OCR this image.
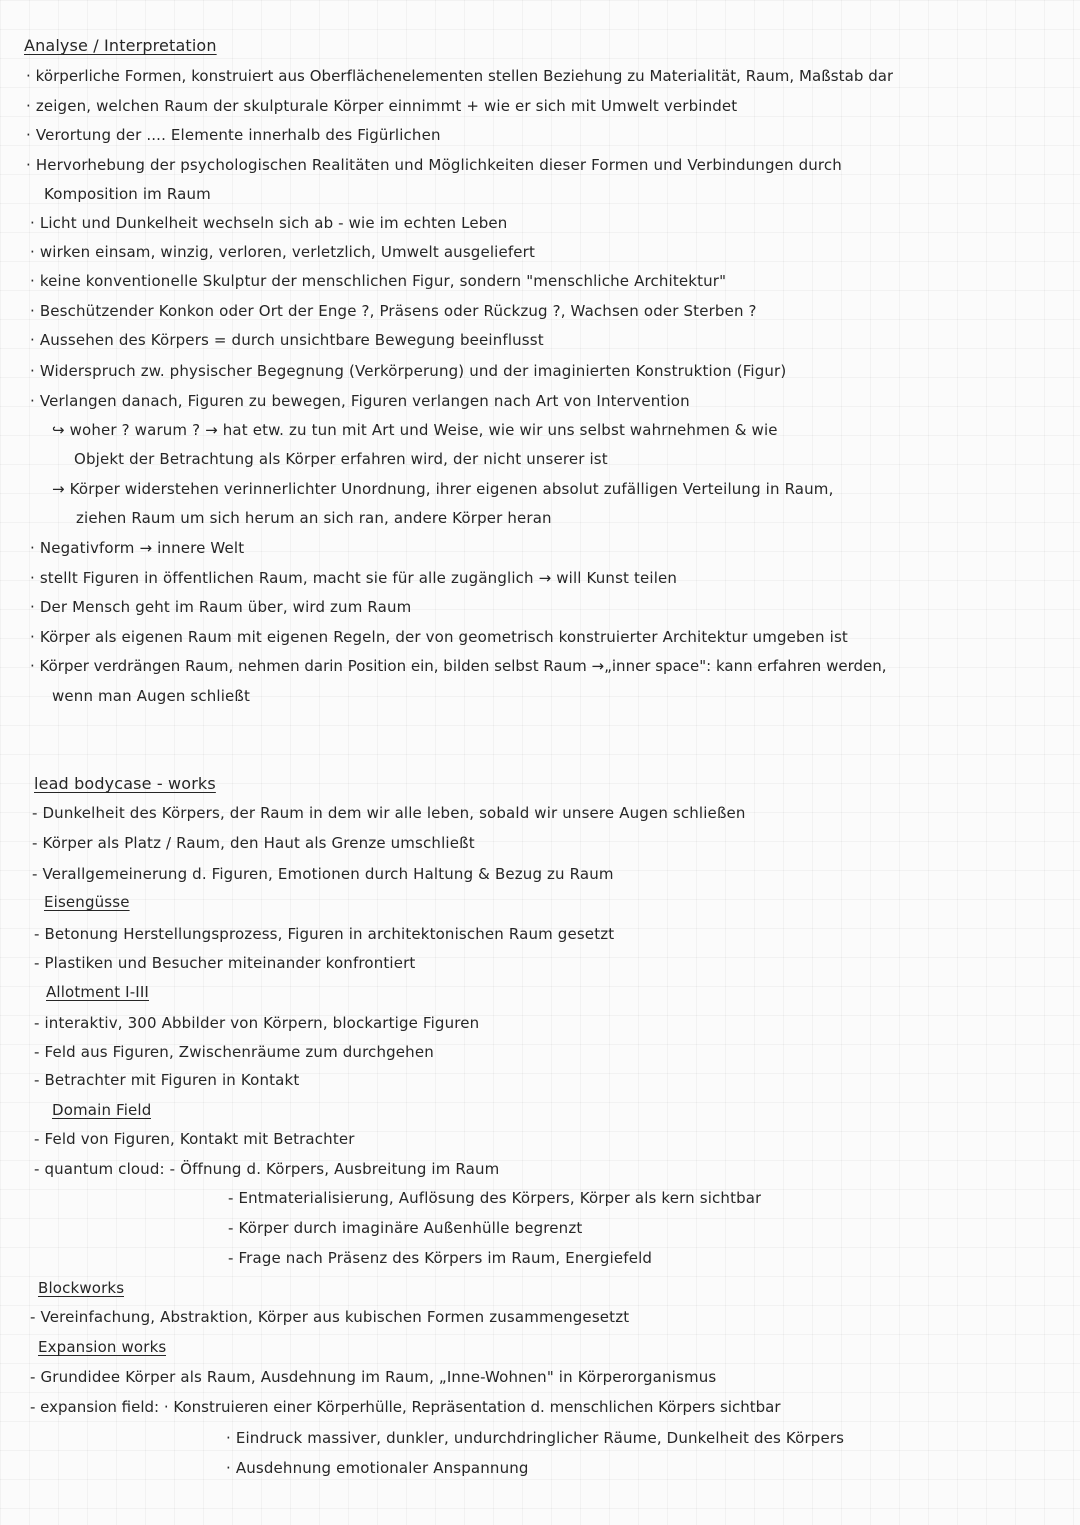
Analyse / Interpretation
· körperliche Formen, konstruiert aus Oberflächenelementen stellen Beziehung zu Materialität, Raum, Maßstab dar
· zeigen, welchen Raum der skulpturale Körper einnimmt + wie er sich mit Umwelt verbindet
· Verortung der .... Elemente innerhalb des Figürlichen
· Hervorhebung der psychologischen Realitäten und Möglichkeiten dieser Formen und Verbindungen durch
Komposition im Raum
· Licht und Dunkelheit wechseln sich ab - wie im echten Leben
· wirken einsam, winzig, verloren, verletzlich, Umwelt ausgeliefert
· keine konventionelle Skulptur der menschlichen Figur, sondern "menschliche Architektur"
· Beschützender Konkon oder Ort der Enge ?, Präsens oder Rückzug ?, Wachsen oder Sterben ?
· Aussehen des Körpers = durch unsichtbare Bewegung beeinflusst
· Widerspruch zw. physischer Begegnung (Verkörperung) und der imaginierten Konstruktion (Figur)
· Verlangen danach, Figuren zu bewegen, Figuren verlangen nach Art von Intervention
↪ woher ? warum ? → hat etw. zu tun mit Art und Weise, wie wir uns selbst wahrnehmen & wie
Objekt der Betrachtung als Körper erfahren wird, der nicht unserer ist
→ Körper widerstehen verinnerlichter Unordnung, ihrer eigenen absolut zufälligen Verteilung in Raum,
ziehen Raum um sich herum an sich ran, andere Körper heran
· Negativform → innere Welt
· stellt Figuren in öffentlichen Raum, macht sie für alle zugänglich → will Kunst teilen
· Der Mensch geht im Raum über, wird zum Raum
· Körper als eigenen Raum mit eigenen Regeln, der von geometrisch konstruierter Architektur umgeben ist
· Körper verdrängen Raum, nehmen darin Position ein, bilden selbst Raum →„inner space": kann erfahren werden,
wenn man Augen schließt
lead bodycase - works
- Dunkelheit des Körpers, der Raum in dem wir alle leben, sobald wir unsere Augen schließen
- Körper als Platz / Raum, den Haut als Grenze umschließt
- Verallgemeinerung d. Figuren, Emotionen durch Haltung & Bezug zu Raum
Eisengüsse
- Betonung Herstellungsprozess, Figuren in architektonischen Raum gesetzt
- Plastiken und Besucher miteinander konfrontiert
Allotment I-III
- interaktiv, 300 Abbilder von Körpern, blockartige Figuren
- Feld aus Figuren, Zwischenräume zum durchgehen
- Betrachter mit Figuren in Kontakt
Domain Field
- Feld von Figuren, Kontakt mit Betrachter
- quantum cloud: - Öffnung d. Körpers, Ausbreitung im Raum
- Entmaterialisierung, Auflösung des Körpers, Körper als kern sichtbar
- Körper durch imaginäre Außenhülle begrenzt
- Frage nach Präsenz des Körpers im Raum, Energiefeld
Blockworks
- Vereinfachung, Abstraktion, Körper aus kubischen Formen zusammengesetzt
Expansion works
- Grundidee Körper als Raum, Ausdehnung im Raum, „Inne-Wohnen" in Körperorganismus
- expansion field: · Konstruieren einer Körperhülle, Repräsentation d. menschlichen Körpers sichtbar
· Eindruck massiver, dunkler, undurchdringlicher Räume, Dunkelheit des Körpers
· Ausdehnung emotionaler Anspannung
